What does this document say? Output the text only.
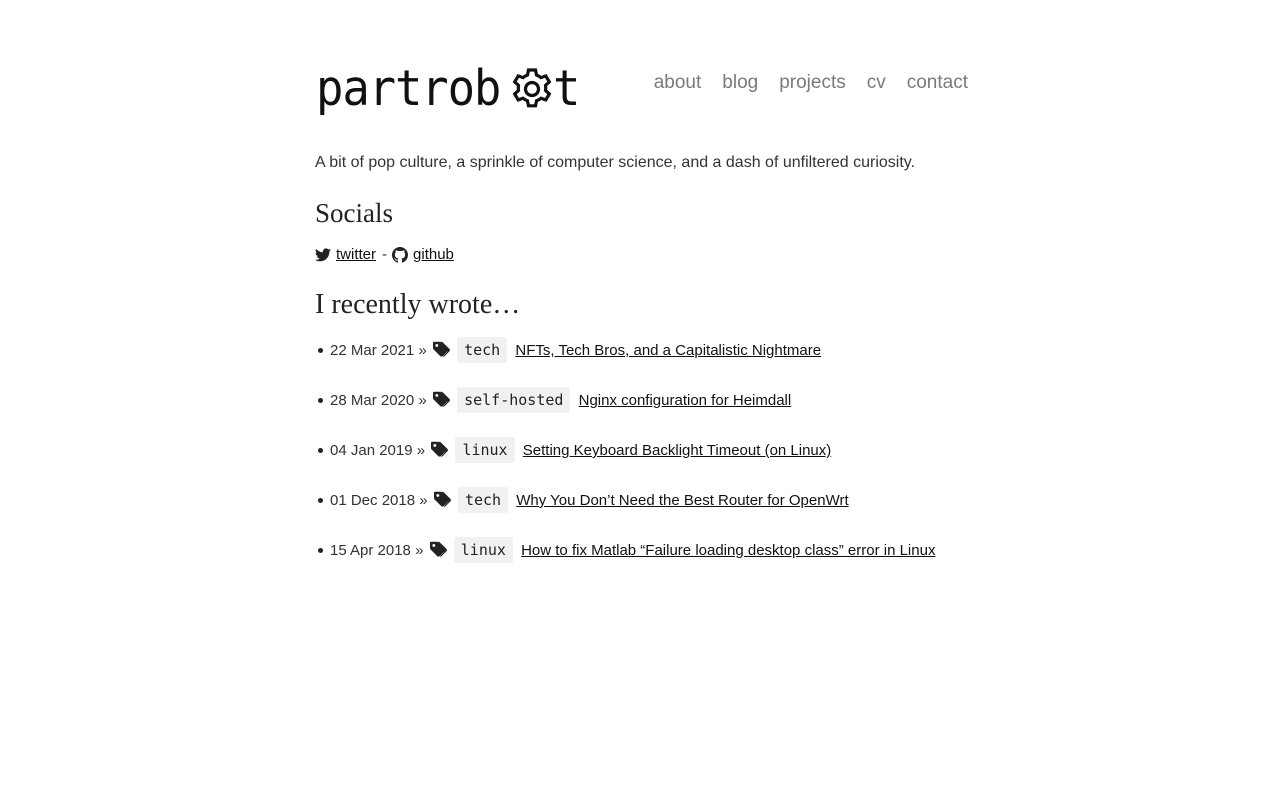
partrob t	about blog projects cv contact

A bit of pop culture, a sprinkle of computer science, and a dash of unfiltered curiosity.

Socials
twitter - github
I recently wrote…
22 Mar 2021 » tech NFTs, Tech Bros, and a Capitalistic Nightmare
28 Mar 2020 » self-hosted Nginx configuration for Heimdall
04 Jan 2019 » linux Setting Keyboard Backlight Timeout (on Linux)
01 Dec 2018 » tech Why You Don’t Need the Best Router for OpenWrt
15 Apr 2018 » linux How to fix Matlab “Failure loading desktop class” error in Linux
